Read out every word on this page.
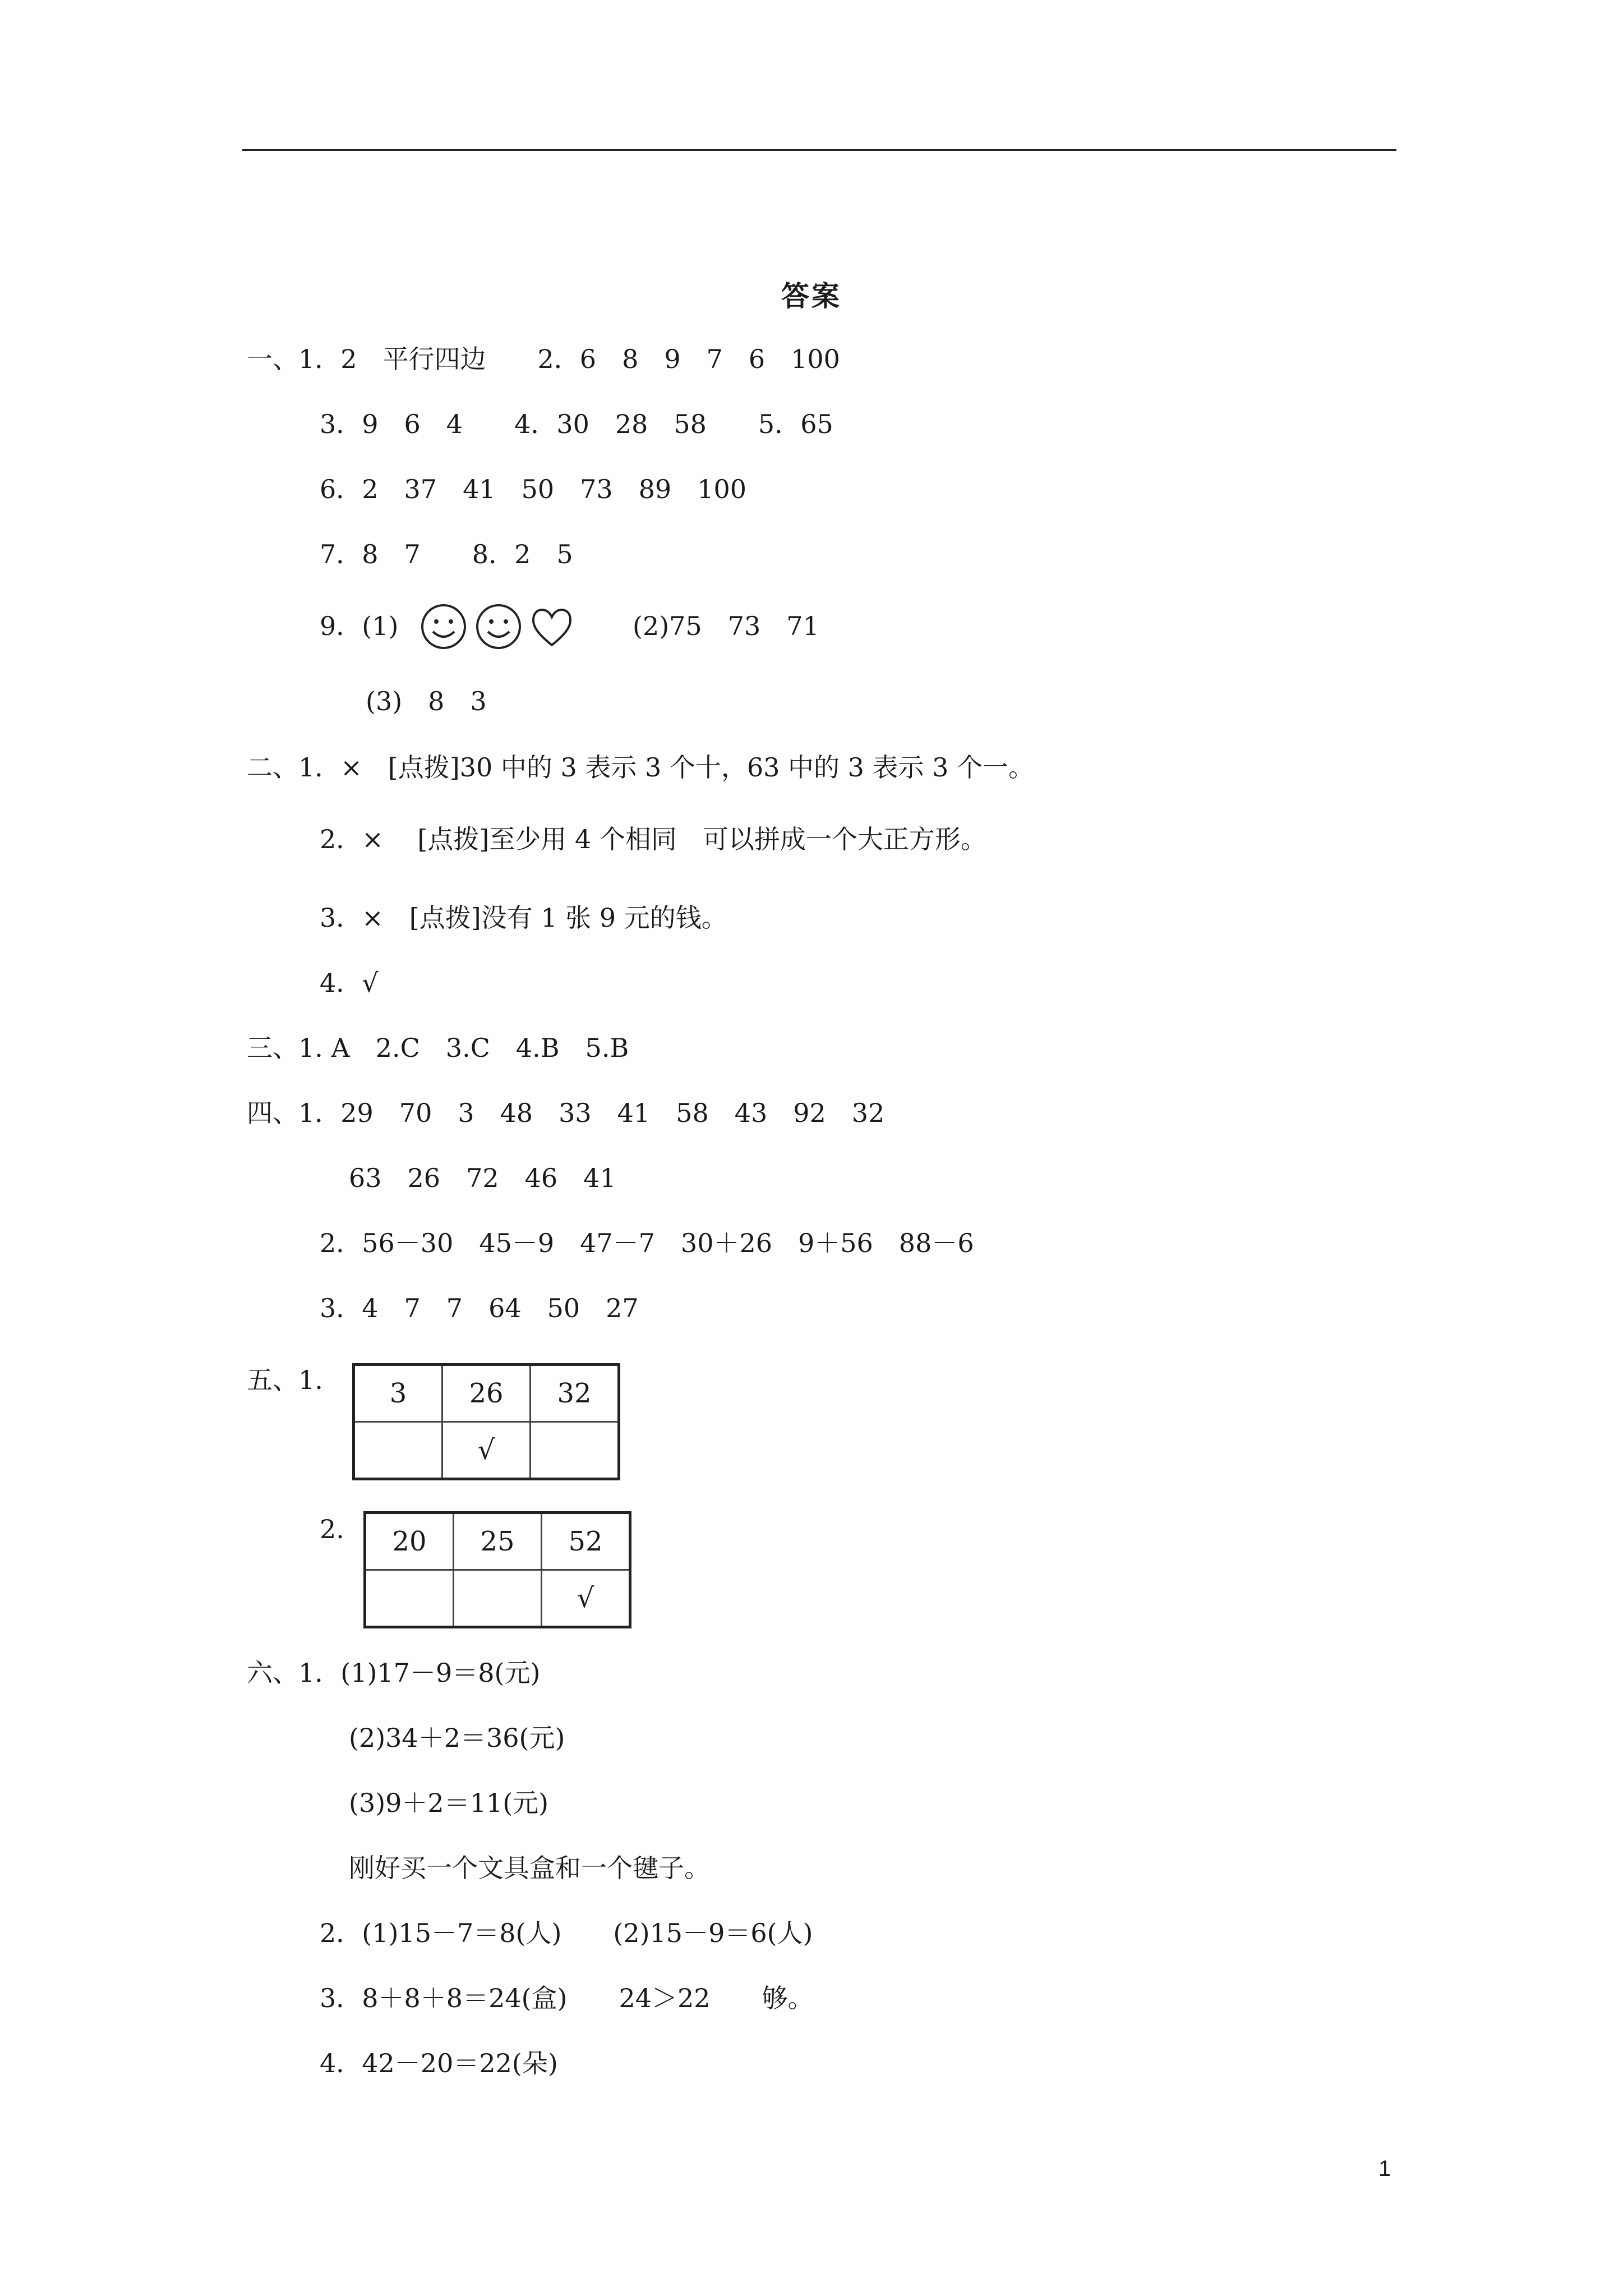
答案
一、1．2　平行四边　　2．6　8　9　7　6　100
3．9　6　4　　4．30　28　58　　5．65
6．2　37　41　50　73　89　100
7．8　7　　8．2　5
9．(1)	(2)75　73　71
(3)　8　3
二、1．×　[点拨]30 中的 3 表示 3 个十，63 中的 3 表示 3 个一。
2．×　 [点拨]至少用 4 个相同　可以拼成一个大正方形。
3．×　[点拨]没有 1 张 9 元的钱。
4．√
三、1. A　2.C　3.C　4.B　5.B
四、1．29　70　3　48　33　41　58　43　92　32
63　26　72　46　41
2．56－30　45－9　47－7　30＋26　9＋56　88－6
3．4　7　7　64　50　27
五、1. 3	26	32
	√	
2. 20	25	52
		√
六、1．(1)17－9＝8(元)
(2)34＋2＝36(元)
(3)9＋2＝11(元)
刚好买一个文具盒和一个毽子。
2．(1)15－7＝8(人)　　(2)15－9＝6(人)
3．8＋8＋8＝24(盒)　　24＞22　　够。
4．42－20＝22(朵)
1
